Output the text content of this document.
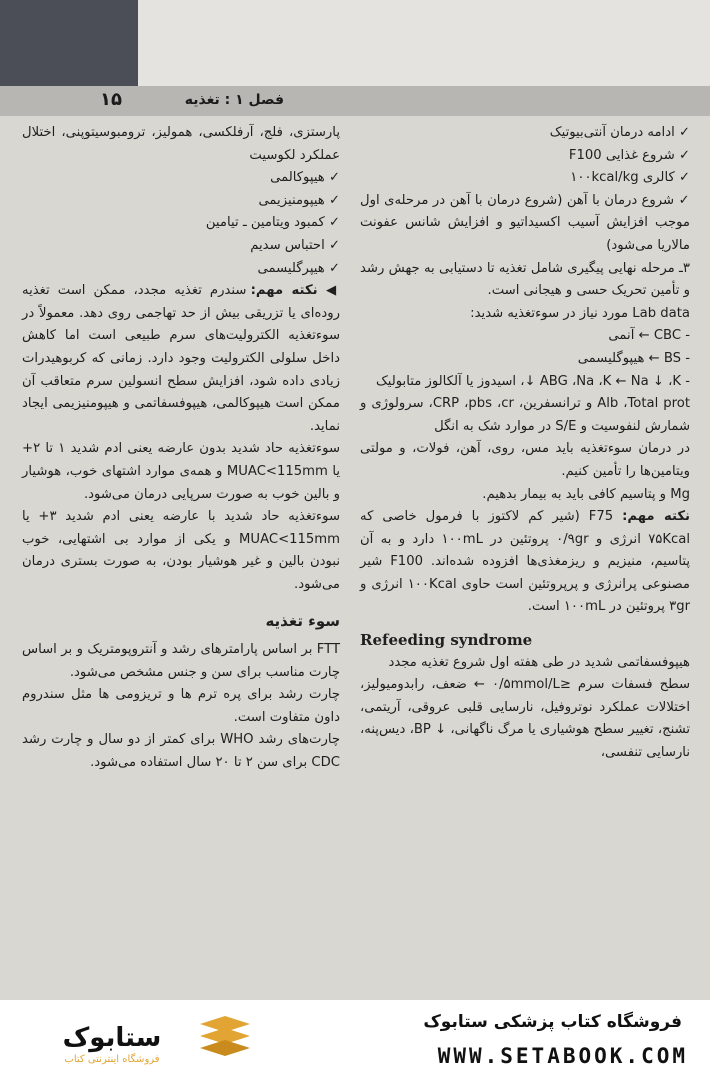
۱۵	فصل ۱ : تغذیه

✓ ادامه درمان آنتی‌بیوتیک

✓ شروع غذایی F100

✓ کالری ۱۰۰kcal/kg

✓ شروع درمان با آهن (شروع درمان با آهن در مرحله‌ی اول موجب افزایش آسیب اکسیداتیو و افزایش شانس عفونت مالاریا می‌شود)

۳ـ مرحله نهایی پیگیری شامل تغذیه تا دستیابی به جهش رشد و تأمین تحریک حسی و هیجانی است.

Lab data مورد نیاز در سوءتغذیه شدید:

- CBC ← آنمی

- BS ← هیپوگلیسمی

- ABG ،Na ،K ← Na ↓ ،K ↓، اسیدوز یا آلکالوز متابولیک

Alb ،Total prot و ترانسفرین، CRP ،pbs ،cr، سرولوژی و شمارش لنفوسیت و S/E در موارد شک به انگل

در درمان سوءتغذیه باید مس، روی، آهن، فولات، و مولتی ویتامین‌ها را تأمین کنیم.

Mg و پتاسیم کافی باید به بیمار بدهیم.

نکته مهم: F75 (شیر کم لاکتوز با فرمول خاصی که ۷۵Kcal انرژی و ۰/۹gr پروتئین در ۱۰۰mL دارد و به آن پتاسیم، منیزیم و ریزمغذی‌ها افزوده شده‌اند. F100 شیر مصنوعی پرانرژی و پرپروتئین است حاوی ۱۰۰Kcal انرژی و ۳gr پروتئین در ۱۰۰mL است.

Refeeding syndrome

هیپوفسفاتمی شدید در طی هفته اول شروع تغذیه مجدد

سطح فسفات سرم ≤۰/۵mmol/L ← ضعف، رابدومیولیز، اختلالات عملکرد نوتروفیل، نارسایی قلبی عروقی، آریتمی، تشنج، تغییر سطح هوشیاری یا مرگ ناگهانی، ↓ BP، دیس‌پنه، نارسایی تنفسی،

پارستزی، فلج، آرفلکسی، همولیز، ترومبوسیتوپنی، اختلال عملکرد لکوسیت

✓ هیپوکالمی

✓ هیپومنیزیمی

✓ کمبود ویتامین ـ تیامین

✓ احتباس سدیم

✓ هیپرگلیسمی

◀ نکته مهم: سندرم تغذیه مجدد، ممکن است تغذیه روده‌ای یا تزریقی بیش از حد تهاجمی روی دهد. معمولاً در سوءتغذیه الکترولیت‌های سرم طبیعی است اما کاهش داخل سلولی الکترولیت وجود دارد. زمانی که کربوهیدرات زیادی داده شود، افزایش سطح انسولین سرم متعاقب آن ممکن است هیپوکالمی، هیپوفسفاتمی و هیپومنیزیمی ایجاد نماید.

سوءتغذیه حاد شدید بدون عارضه یعنی ادم شدید ۱ تا ۲+ یا MUAC<115mm و همه‌ی موارد اشتهای خوب، هوشیار و بالین خوب به صورت سرپایی درمان می‌شود.

سوءتغذیه حاد شدید با عارضه یعنی ادم شدید ۳+ یا MUAC<115mm و یکی از موارد بی اشتهایی، خوب نبودن بالین و غیر هوشیار بودن، به صورت بستری درمان می‌شود.

سوء تغذیه

FTT بر اساس پارامترهای رشد و آنتروپومتریک و بر اساس چارت مناسب برای سن و جنس مشخص می‌شود.

چارت رشد برای پره ترم ها و تریزومی ها مثل سندروم داون متفاوت است.

چارت‌های رشد WHO برای کمتر از دو سال و چارت رشد CDC برای سن ۲ تا ۲۰ سال استفاده می‌شود.

ستابوک
فروشگاه اینترنتی کتاب
فروشگاه کتاب پزشکی ستابوک
WWW.SETABOOK.COM
